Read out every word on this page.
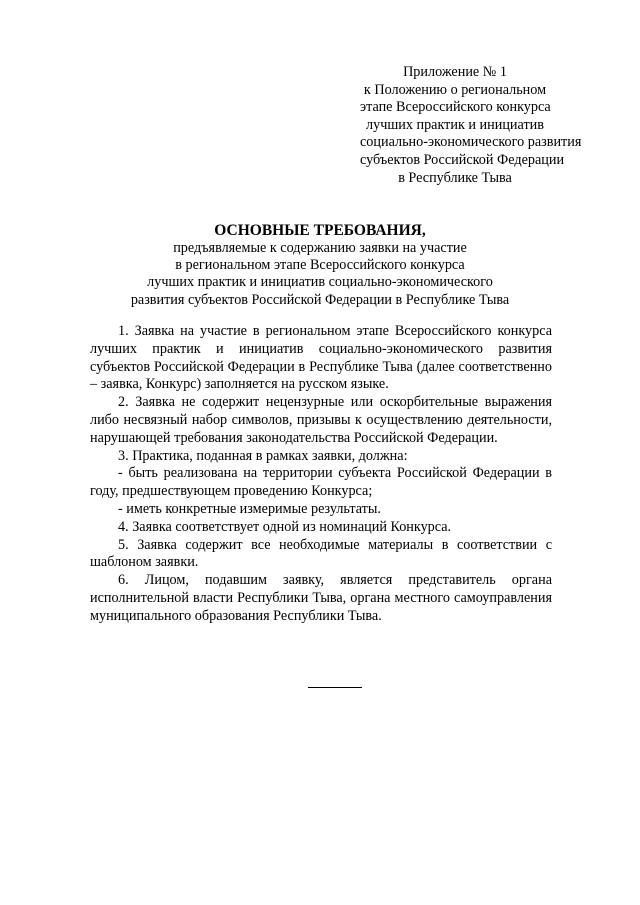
Приложение № 1
к Положению о региональном
этапе Всероссийского конкурса
лучших практик и инициатив
социально-экономического развития
субъектов Российской Федерации
в Республике Тыва
ОСНОВНЫЕ ТРЕБОВАНИЯ,
предъявляемые к содержанию заявки на участие
в региональном этапе Всероссийского конкурса
лучших практик и инициатив социально-экономического
развития субъектов Российской Федерации в Республике Тыва

1. Заявка на участие в региональном этапе Всероссийского конкурса лучших практик и инициатив социально-экономического развития субъектов Российской Федерации в Республике Тыва (далее соответственно – заявка, Конкурс) заполняется на русском языке.

2. Заявка не содержит нецензурные или оскорбительные выражения либо несвязный набор символов, призывы к осуществлению деятельности, нарушающей требования законодательства Российской Федерации.

3. Практика, поданная в рамках заявки, должна:

- быть реализована на территории субъекта Российской Федерации в году, предшествующем проведению Конкурса;

- иметь конкретные измеримые результаты.

4. Заявка соответствует одной из номинаций Конкурса.

5. Заявка содержит все необходимые материалы в соответствии с шаблоном заявки.

6. Лицом, подавшим заявку, является представитель органа исполнительной власти Республики Тыва, органа местного самоуправления муниципального образования Республики Тыва.
